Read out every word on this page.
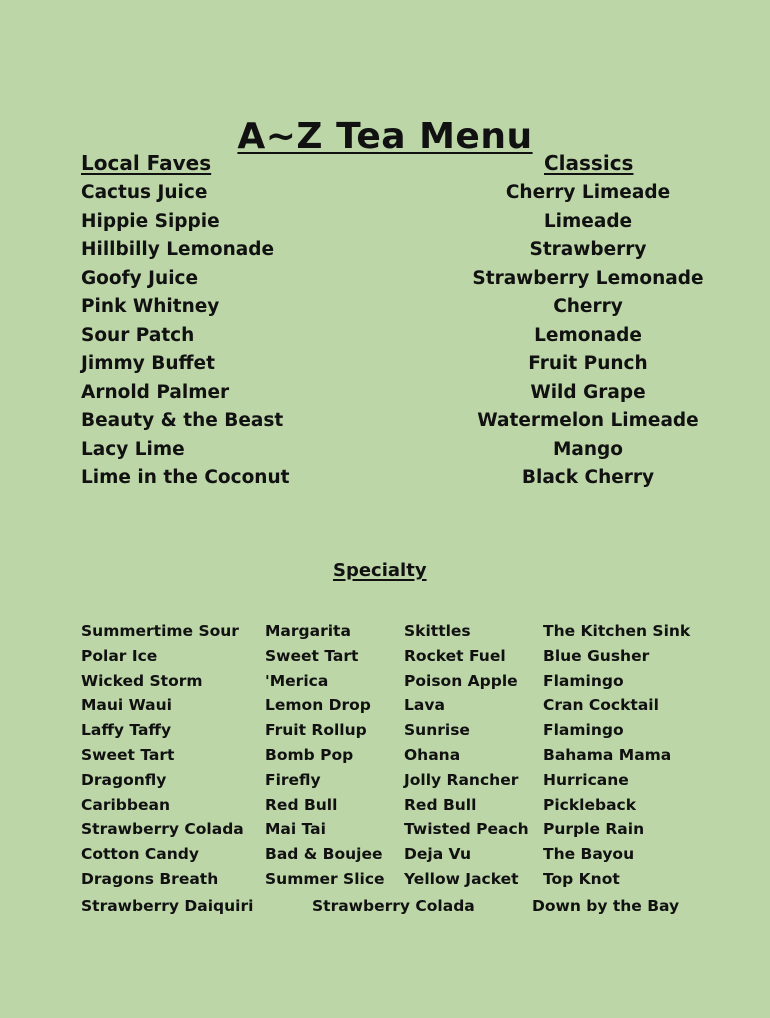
A~Z Tea Menu
Local Faves
Cactus Juice
Hippie Sippie
Hillbilly Lemonade
Goofy Juice
Pink Whitney
Sour Patch
Jimmy Buffet
Arnold Palmer
Beauty & the Beast
Lacy Lime
Lime in the Coconut
Classics
Cherry Limeade
Limeade
Strawberry
Strawberry Lemonade
Cherry
Lemonade
Fruit Punch
Wild Grape
Watermelon Limeade
Mango
Black Cherry
Specialty
Summertime Sour
Polar Ice
Wicked Storm
Maui Waui
Laffy Taffy
Sweet Tart
Dragonfly
Caribbean
Strawberry Colada
Cotton Candy
Dragons Breath
Margarita
Sweet Tart
'Merica
Lemon Drop
Fruit Rollup
Bomb Pop
Firefly
Red Bull
Mai Tai
Bad & Boujee
Summer Slice
Skittles
Rocket Fuel
Poison Apple
Lava
Sunrise
Ohana
Jolly Rancher
Red Bull
Twisted Peach
Deja Vu
Yellow Jacket
The Kitchen Sink
Blue Gusher
Flamingo
Cran Cocktail
Flamingo
Bahama Mama
Hurricane
Pickleback
Purple Rain
The Bayou
Top Knot
Strawberry Daiquiri	Strawberry Colada	Down by the Bay
